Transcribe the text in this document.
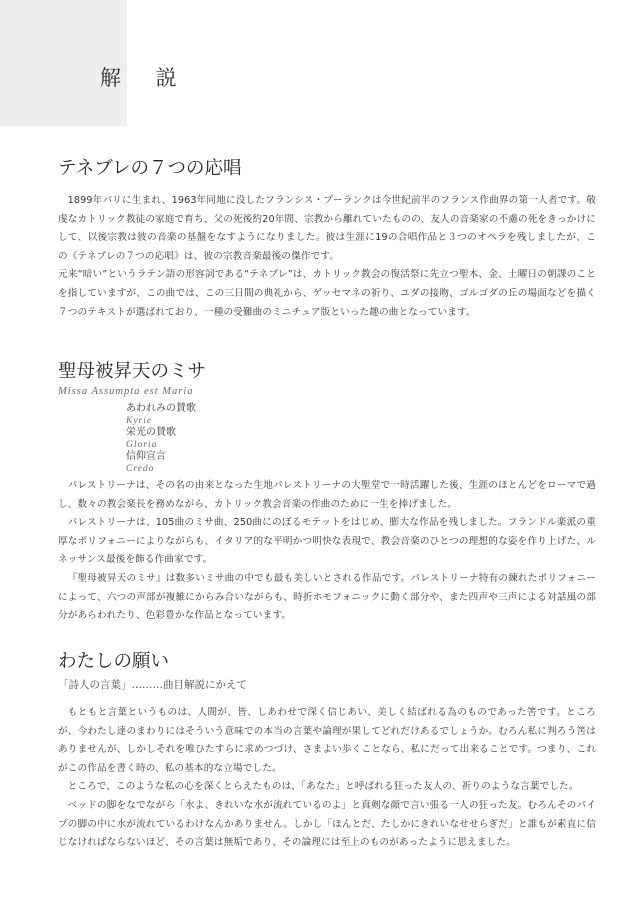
解 説
テネブレの７つの応唱

1899年パリに生まれ、1963年同地に没したフランシス・プーランクは今世紀前半のフランス作曲界の第一人者です。敬虔なカトリック教徒の家庭で育ち、父の死後約20年間、宗教から離れていたものの、友人の音楽家の不慮の死をきっかけにして、以後宗教は彼の音楽の基盤をなすようになりました。彼は生涯に19の合唱作品と３つのオペラを残しましたが、この《テネブレの７つの応唱》は、彼の宗教音楽最後の傑作です。

元来“暗い”というラテン語の形容詞である“テネブレ”は、カトリック教会の復活祭に先立つ聖木、金、土曜日の朝課のことを指していますが、この曲では、この三日間の典礼から、ゲッセマネの祈り、ユダの接吻、ゴルゴダの丘の場面などを描く７つのテキストが選ばれており、一種の受難曲のミニチュア版といった趣の曲となっています。

聖母被昇天のミサ
Missa Assumpta est Maria
あわれみの賛歌
Kyrie
栄光の賛歌
Gloria
信仰宣言
Credo

パレストリーナは、その名の由来となった生地パレストリーナの大聖堂で一時活躍した後、生涯のほとんどをローマで過し、数々の教会楽長を務めながら、カトリック教会音楽の作曲のために一生を捧げました。

パレストリーナは、105曲のミサ曲、250曲にのぼるモテットをはじめ、膨大な作品を残しました。フランドル楽派の重厚なポリフォニーによりながらも、イタリア的な平明かつ明快な表現で、教会音楽のひとつの理想的な姿を作り上げた、ルネッサンス最後を飾る作曲家です。

『聖母被昇天のミサ』は数多いミサ曲の中でも最も美しいとされる作品です。パレストリーナ特有の練れたポリフォニーによって、六つの声部が複雑にからみ合いながらも、時折ホモフォニックに動く部分や、また四声や三声による対話風の部分があらわれたり、色彩豊かな作品となっています。

わたしの願い
「詩人の言葉」………曲目解説にかえて

もともと言葉というものは、人間が、皆、しあわせで深く信じあい、美しく結ばれる為のものであった筈です。ところが、今わたし達のまわりにはそういう意味での本当の言葉や論理が果してどれだけあるでしょうか。むろん私に判ろう筈はありませんが、しかしそれを唯ひたすらに求めつづけ、さまよい歩くことなら、私にだって出来ることです。つまり、これがこの作品を書く時の、私の基本的な立場でした。

ところで、このような私の心を深くとらえたものは、「あなた」と呼ばれる狂った友人の、祈りのような言葉でした。

ベッドの脚をなでながら「水よ、きれいな水が流れているのよ」と真剣な顔で言い張る一人の狂った友。むろんそのパイプの脚の中に水が流れているわけなんかありません。しかし「ほんとだ、たしかにきれいなせせらぎだ」と誰もが素直に信じなければならないほど、その言葉は無垢であり、その論理には至上のものがあったように思えました。
